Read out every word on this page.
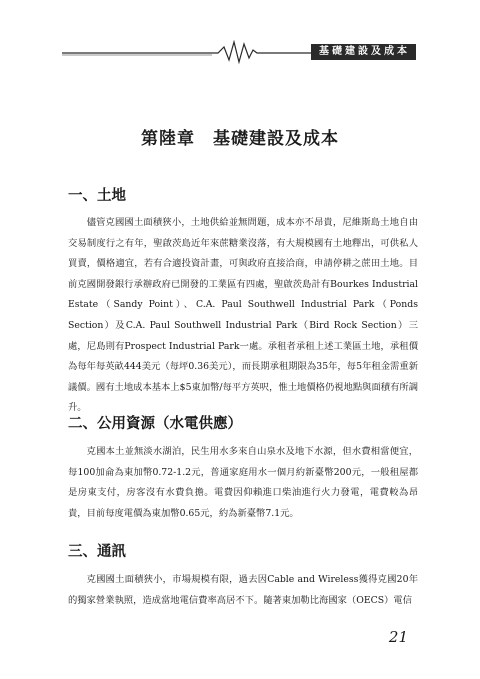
基礎建設及成本
第陸章　基礎建設及成本
一、土地

儘管克國國土面積狹小，土地供給並無問題，成本亦不昂貴，尼維斯島土地自由交易制度行之有年，聖啟茨島近年來蔗糖業沒落，有大規模國有土地釋出，可供私人買賣，價格適宜，若有合適投資計畫，可與政府直接洽商，申請停耕之蔗田土地。目前克國開發銀行承辦政府已開發的工業區有四處，聖啟茨島計有Bourkes Industrial Estate（Sandy Point）、C.A. Paul Southwell Industrial Park（Ponds Section）及C.A. Paul Southwell Industrial Park（Bird Rock Section）三處，尼島則有Prospect Industrial Park一處。承租者承租上述工業區土地，承租價為每年每英畝444美元（每坪0.36美元），而長期承租期限為35年，每5年租金需重新議價。國有土地成本基本上$5東加幣/每平方英呎，惟土地價格仍視地點與面積有所調升。

二、公用資源（水電供應）

克國本土並無淡水湖泊，民生用水多來自山泉水及地下水源，但水費相當便宜，每100加侖為東加幣0.72-1.2元，普通家庭用水一個月約新臺幣200元，一般租屋都是房東支付，房客沒有水費負擔。電費因仰賴進口柴油進行火力發電，電費較為昂貴，目前每度電價為東加幣0.65元，約為新臺幣7.1元。

三、通訊

克國國土面積狹小，市場規模有限，過去因Cable and Wireless獲得克國20年的獨家營業執照，造成當地電信費率高居不下。隨著東加勒比海國家（OECS）電信

21
